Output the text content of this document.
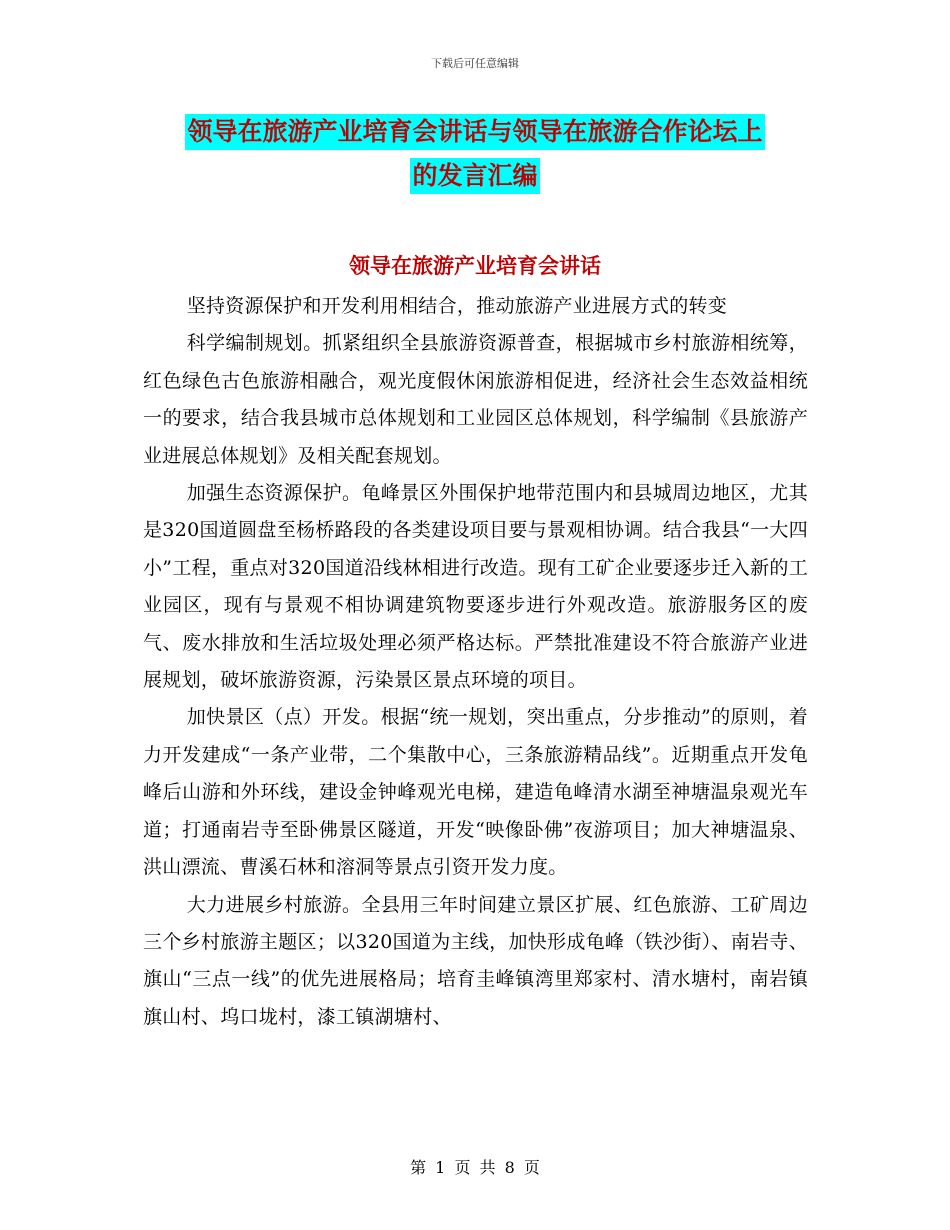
下载后可任意编辑
领导在旅游产业培育会讲话与领导在旅游合作论坛上
的发言汇编
领导在旅游产业培育会讲话

坚持资源保护和开发利用相结合，推动旅游产业进展方式的转变

科学编制规划。抓紧组织全县旅游资源普查，根据城市乡村旅游相统筹，红色绿色古色旅游相融合，观光度假休闲旅游相促进，经济社会生态效益相统一的要求，结合我县城市总体规划和工业园区总体规划，科学编制《县旅游产业进展总体规划》及相关配套规划。

加强生态资源保护。龟峰景区外围保护地带范围内和县城周边地区，尤其是320国道圆盘至杨桥路段的各类建设项目要与景观相协调。结合我县“一大四小”工程，重点对320国道沿线林相进行改造。现有工矿企业要逐步迁入新的工业园区，现有与景观不相协调建筑物要逐步进行外观改造。旅游服务区的废气、废水排放和生活垃圾处理必须严格达标。严禁批准建设不符合旅游产业进展规划，破坏旅游资源，污染景区景点环境的项目。

加快景区（点）开发。根据“统一规划，突出重点，分步推动”的原则，着力开发建成“一条产业带，二个集散中心，三条旅游精品线”。近期重点开发龟峰后山游和外环线，建设金钟峰观光电梯，建造龟峰清水湖至神塘温泉观光车道；打通南岩寺至卧佛景区隧道，开发“映像卧佛”夜游项目；加大神塘温泉、洪山漂流、曹溪石林和溶洞等景点引资开发力度。

大力进展乡村旅游。全县用三年时间建立景区扩展、红色旅游、工矿周边三个乡村旅游主题区；以320国道为主线，加快形成龟峰（铁沙街）、南岩寺、旗山“三点一线”的优先进展格局；培育圭峰镇湾里郑家村、清水塘村，南岩镇旗山村、坞口垅村，漆工镇湖塘村、

第 1 页 共 8 页
